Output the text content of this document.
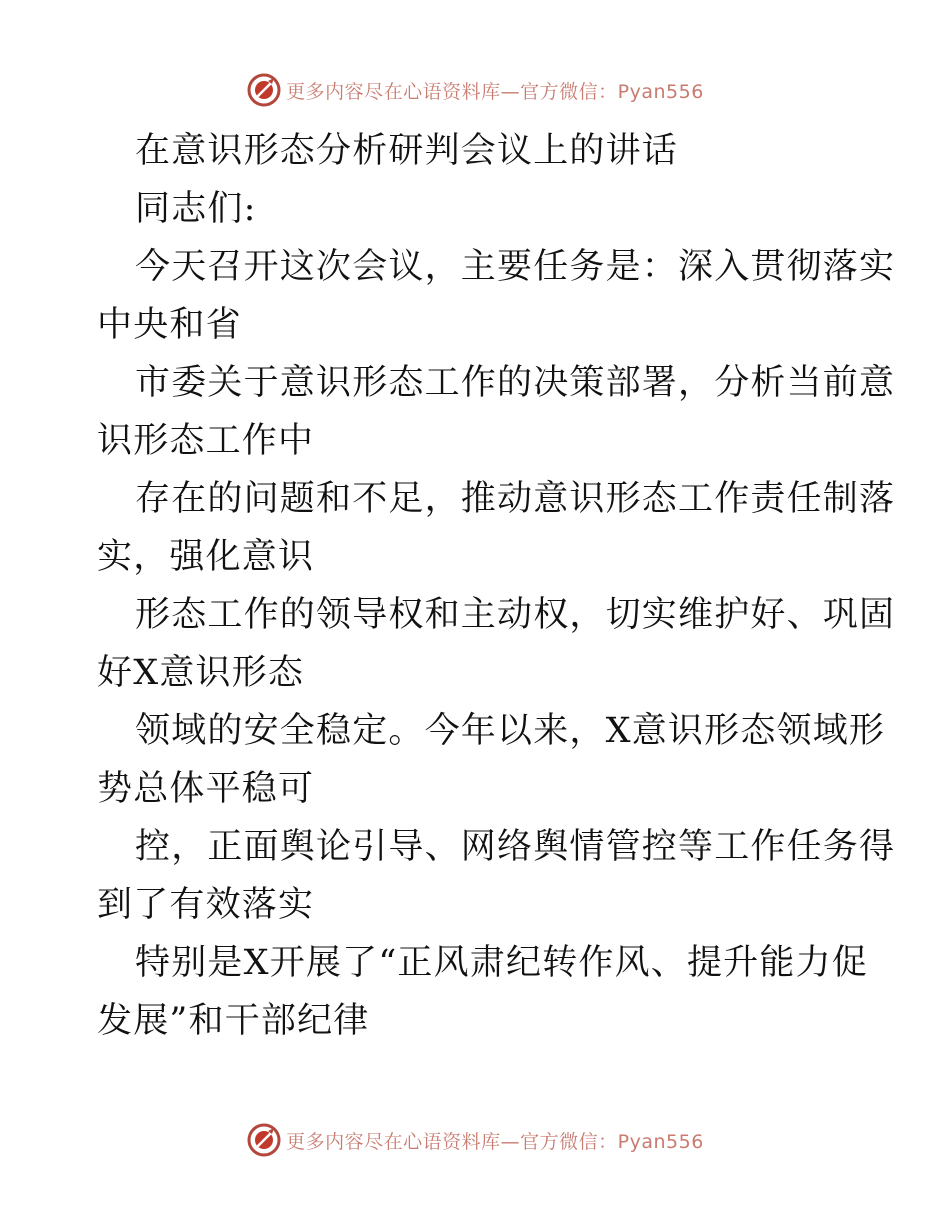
更多内容尽在心语资料库—官方微信：Pyan556
在意识形态分析研判会议上的讲话
同志们:
今天召开这次会议，主要任务是：深入贯彻落实
中央和省
市委关于意识形态工作的决策部署，分析当前意
识形态工作中
存在的问题和不足，推动意识形态工作责任制落
实，强化意识
形态工作的领导权和主动权，切实维护好、巩固
好X意识形态
领域的安全稳定。今年以来，X意识形态领域形
势总体平稳可
控，正面舆论引导、网络舆情管控等工作任务得
到了有效落实
特别是X开展了“正风肃纪转作风、提升能力促
发展”和干部纪律
更多内容尽在心语资料库—官方微信：Pyan556
